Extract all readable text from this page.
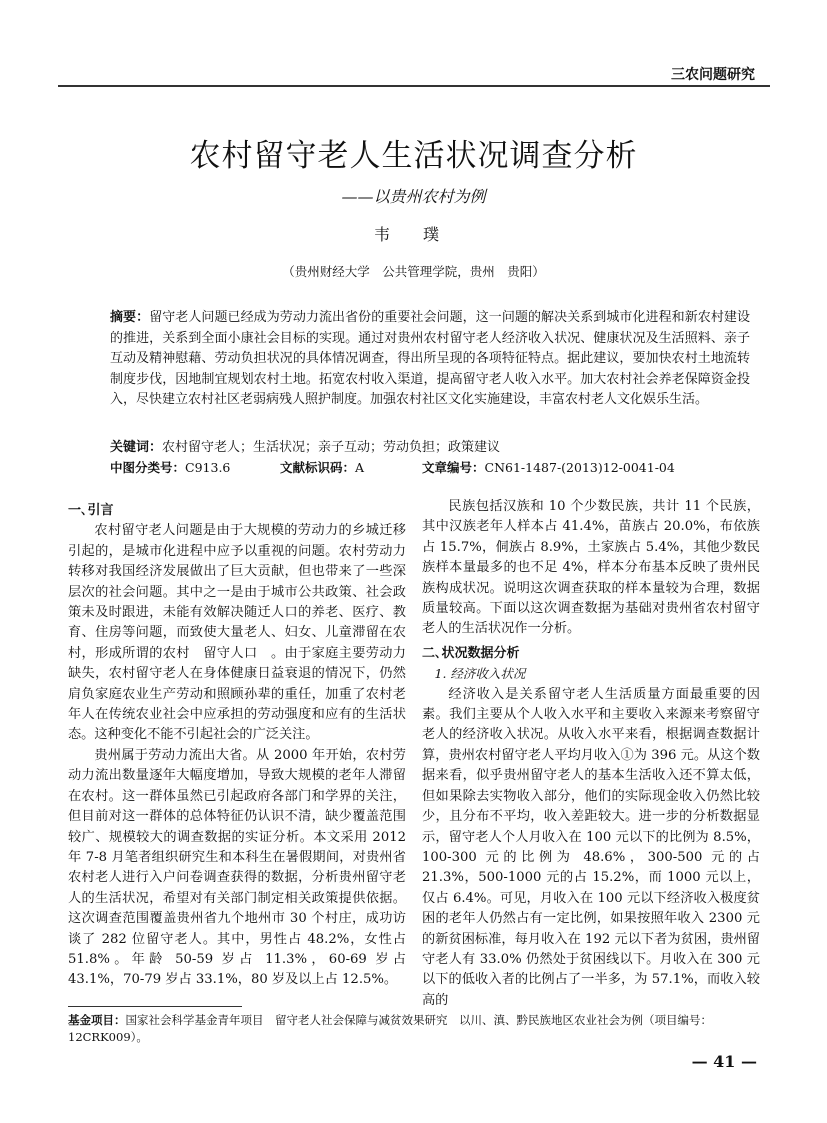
三农问题研究
农村留守老人生活状况调查分析
——以贵州农村为例
韦 璞
（贵州财经大学　公共管理学院，贵州　贵阳）
摘要：留守老人问题已经成为劳动力流出省份的重要社会问题，这一问题的解决关系到城市化进程和新农村建设的推进，关系到全面小康社会目标的实现。通过对贵州农村留守老人经济收入状况、健康状况及生活照料、亲子互动及精神慰藉、劳动负担状况的具体情况调查，得出所呈现的各项特征特点。据此建议，要加快农村土地流转制度步伐，因地制宜规划农村土地。拓宽农村收入渠道，提高留守老人收入水平。加大农村社会养老保障资金投入，尽快建立农村社区老弱病残人照护制度。加强农村社区文化实施建设，丰富农村老人文化娱乐生活。
关键词：农村留守老人；生活状况；亲子互动；劳动负担；政策建议
中图分类号：C913.6	文献标识码：A	文章编号：CN61-1487-(2013)12-0041-04

一､引言

农村留守老人问题是由于大规模的劳动力的乡城迁移引起的，是城市化进程中应予以重视的问题。农村劳动力转移对我国经济发展做出了巨大贡献，但也带来了一些深层次的社会问题。其中之一是由于城市公共政策、社会政策未及时跟进，未能有效解决随迁人口的养老、医疗、教育、住房等问题，而致使大量老人、妇女、儿童滞留在农村，形成所谓的农村　留守人口　。由于家庭主要劳动力缺失，农村留守老人在身体健康日益衰退的情况下，仍然肩负家庭农业生产劳动和照顾孙辈的重任，加重了农村老年人在传统农业社会中应承担的劳动强度和应有的生活状态。这种变化不能不引起社会的广泛关注。

贵州属于劳动力流出大省。从 2000 年开始，农村劳动力流出数量逐年大幅度增加，导致大规模的老年人滞留在农村。这一群体虽然已引起政府各部门和学界的关注，但目前对这一群体的总体特征仍认识不清，缺少覆盖范围较广、规模较大的调查数据的实证分析。本文采用 2012 年 7-8 月笔者组织研究生和本科生在暑假期间，对贵州省农村老人进行入户问卷调查获得的数据，分析贵州留守老人的生活状况，希望对有关部门制定相关政策提供依据。这次调查范围覆盖贵州省九个地州市 30 个村庄，成功访谈了 282 位留守老人。其中，男性占 48.2%，女性占 51.8%。年龄 50-59 岁占 11.3%，60-69 岁占 43.1%，70-79 岁占 33.1%，80 岁及以上占 12.5%。

民族包括汉族和 10 个少数民族，共计 11 个民族，其中汉族老年人样本占 41.4%，苗族占 20.0%，布依族占 15.7%，侗族占 8.9%，土家族占 5.4%，其他少数民族样本量最多的也不足 4%，样本分布基本反映了贵州民族构成状况。说明这次调查获取的样本量较为合理，数据质量较高。下面以这次调查数据为基础对贵州省农村留守老人的生活状况作一分析。

二､状况数据分析

1. 经济收入状况

经济收入是关系留守老人生活质量方面最重要的因素。我们主要从个人收入水平和主要收入来源来考察留守老人的经济收入状况。从收入水平来看，根据调查数据计算，贵州农村留守老人平均月收入①为 396 元。从这个数据来看，似乎贵州留守老人的基本生活收入还不算太低，但如果除去实物收入部分，他们的实际现金收入仍然比较少，且分布不平均，收入差距较大。进一步的分析数据显示，留守老人个人月收入在 100 元以下的比例为 8.5%，100-300 元的比例为 48.6%，300-500 元的占 21.3%，500-1000 元的占 15.2%，而 1000 元以上，仅占 6.4%。可见，月收入在 100 元以下经济收入极度贫困的老年人仍然占有一定比例，如果按照年收入 2300 元的新贫困标准，每月收入在 192 元以下者为贫困，贵州留守老人有 33.0% 仍然处于贫困线以下。月收入在 300 元以下的低收入者的比例占了一半多，为 57.1%，而收入较高的

基金项目：国家社会科学基金青年项目　留守老人社会保障与减贫效果研究　以川、滇、黔民族地区农业社会为例（项目编号：12CRK009）。
— 41 —
